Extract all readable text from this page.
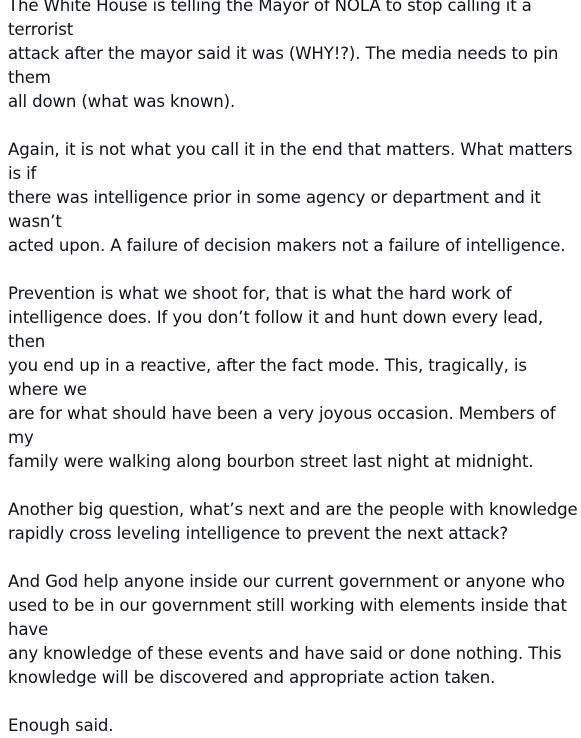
The White House is telling the Mayor of NOLA to stop calling it a terrorist
attack after the mayor said it was (WHY!?). The media needs to pin them
all down (what was known).

Again, it is not what you call it in the end that matters. What matters is if
there was intelligence prior in some agency or department and it wasn’t
acted upon. A failure of decision makers not a failure of intelligence.

Prevention is what we shoot for, that is what the hard work of
intelligence does. If you don’t follow it and hunt down every lead, then
you end up in a reactive, after the fact mode. This, tragically, is where we
are for what should have been a very joyous occasion. Members of my
family were walking along bourbon street last night at midnight.

Another big question, what’s next and are the people with knowledge
rapidly cross leveling intelligence to prevent the next attack?

And God help anyone inside our current government or anyone who
used to be in our government still working with elements inside that have
any knowledge of these events and have said or done nothing. This
knowledge will be discovered and appropriate action taken.

Enough said.
